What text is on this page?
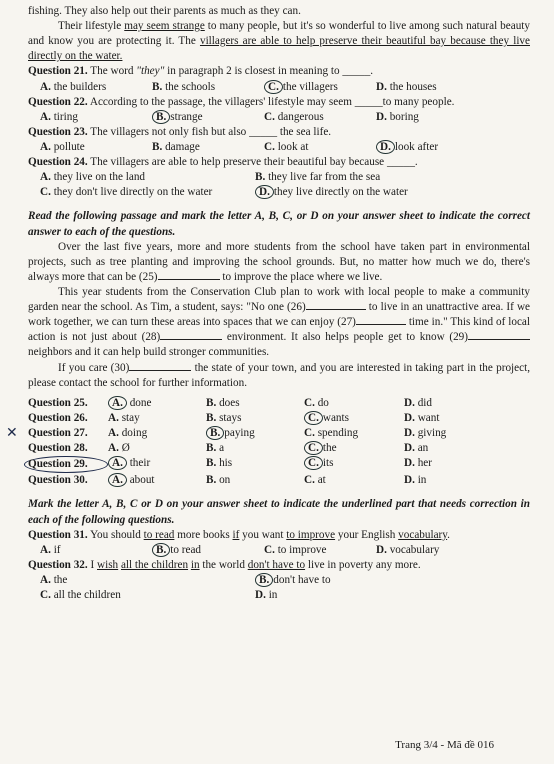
fishing. They also help out their parents as much as they can.

Their lifestyle may seem strange to many people, but it's so wonderful to live among such natural beauty and know you are protecting it. The villagers are able to help preserve their beautiful bay because they live directly on the water.

Question 21. The word "they" in paragraph 2 is closest in meaning to _____.
A. the builders	B. the schools	C. the villagers	D. the houses
Question 22. According to the passage, the villagers' lifestyle may seem _____to many people.
A. tiring	B. strange	C. dangerous	D. boring
Question 23. The villagers not only fish but also _____ the sea life.
A. pollute	B. damage	C. look at	D. look after
Question 24. The villagers are able to help preserve their beautiful bay because _____.
A. they live on the land	B. they live far from the sea
C. they don't live directly on the water	D. they live directly on the water

Read the following passage and mark the letter A, B, C, or D on your answer sheet to indicate the correct answer to each of the questions.

Over the last five years, more and more students from the school have taken part in environmental projects, such as tree planting and improving the school grounds. But, no matter how much we do, there's always more that can be (25)	to improve the place where we live.

This year students from the Conservation Club plan to work with local people to make a community garden near the school. As Tim, a student, says: "No one (26)	to live in an unattractive area. If we work together, we can turn these areas into spaces that we can enjoy (27)	time in." This kind of local action is not just about (28)	environment. It also helps people get to know (29) neighbors and it can help build stronger communities.

If you care (30)	the state of your town, and you are interested in taking part in the project, please contact the school for further information.

Question 25.	A. done	B. does	C. do	D. did
Question 26.	A. stay	B. stays	C. wants	D. want
✕ Question 27.	A. doing	B. paying	C. spending	D. giving
Question 28.	A. Ø	B. a	C. the	D. an
Question 29.	A. their	B. his	C. its	D. her
Question 30.	A. about	B. on	C. at	D. in

Mark the letter A, B, C or D on your answer sheet to indicate the underlined part that needs correction in each of the following questions.

Question 31. You should to read more books if you want to improve your English vocabulary.
A. if	B. to read	C. to improve	D. vocabulary
Question 32. I wish all the children in the world don't have to live in poverty any more.
A. the	B. don't have to
C. all the children	D. in
Trang 3/4 - Mã đề 016
